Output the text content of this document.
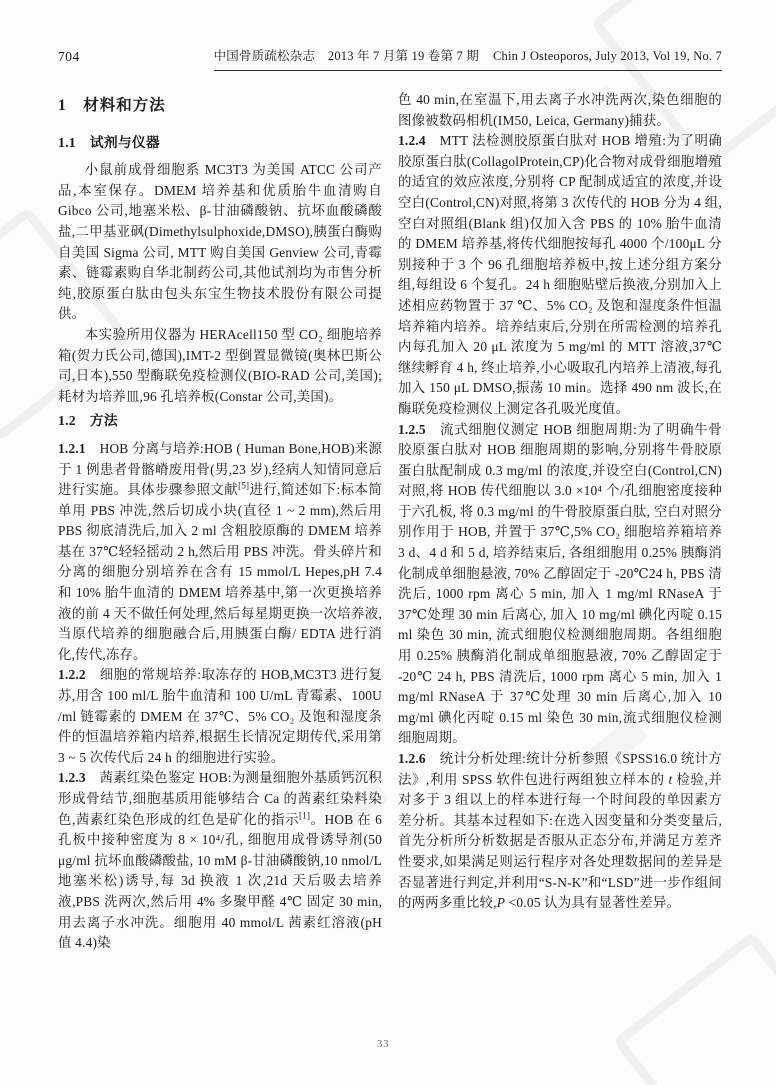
704	中国骨质疏松杂志　2013 年 7 月第 19 卷第 7 期 Chin J Osteoporos, July 2013, Vol 19, No. 7
1　材料和方法
1.1　试剂与仪器

小鼠前成骨细胞系 MC3T3 为美国 ATCC 公司产品,本室保存。DMEM 培养基和优质胎牛血清购自 Gibco 公司,地塞米松、β-甘油磷酸钠、抗坏血酸磷酸盐,二甲基亚砜(Dimethylsulphoxide,DMSO),胰蛋白酶购自美国 Sigma 公司, MTT 购自美国 Genview 公司,青霉素、链霉素购自华北制药公司,其他试剂均为市售分析纯,胶原蛋白肽由包头东宝生物技术股份有限公司提供。

本实验所用仪器为 HERAcell150 型 CO₂ 细胞培养箱(贺力氏公司,德国),IMT-2 型倒置显微镜(奥林巴斯公司,日本),550 型酶联免疫检测仪(BIO-RAD 公司,美国);耗材为培养皿,96 孔培养板(Constar 公司,美国)。

1.2　方法

1.2.1  HOB 分离与培养:HOB ( Human Bone,HOB)来源于 1 例患者骨髂嵴废用骨(男,23 岁),经病人知情同意后进行实施。具体步骤参照文献[5]进行,简述如下:标本简单用 PBS 冲洗,然后切成小块(直径 1 ~ 2 mm),然后用 PBS 彻底清洗后,加入 2 ml 含粗胶原酶的 DMEM 培养基在 37℃轻轻摇动 2 h,然后用 PBS 冲洗。骨头碎片和分离的细胞分别培养在含有 15 mmol/L Hepes,pH 7.4 和 10% 胎牛血清的 DMEM 培养基中,第一次更换培养液的前 4 天不做任何处理,然后每星期更换一次培养液,当原代培养的细胞融合后,用胰蛋白酶/ EDTA 进行消化,传代,冻存。

1.2.2  细胞的常规培养:取冻存的 HOB,MC3T3 进行复苏,用含 100 ml/L 胎牛血清和 100 U/mL 青霉素、100U /ml 链霉素的 DMEM 在 37℃、5% CO₂ 及饱和湿度条件的恒温培养箱内培养,根据生长情况定期传代,采用第 3 ~ 5 次传代后 24 h 的细胞进行实验。

1.2.3  茜素红染色鉴定 HOB:为测量细胞外基质钙沉积形成骨结节,细胞基质用能够结合 Ca 的茜素红染料染色,茜素红染色形成的红色是矿化的指示[1]。HOB 在 6 孔板中接种密度为 8 × 10⁴/孔, 细胞用成骨诱导剂(50 μg/ml 抗坏血酸磷酸盐, 10 mM β-甘油磷酸钠,10 nmol/L 地塞米松)诱导,每 3d 换液 1 次,21d 天后吸去培养液,PBS 洗两次,然后用 4% 多聚甲醛 4℃ 固定 30 min,用去离子水冲洗。细胞用 40 mmol/L 茜素红溶液(pH 值 4.4)染

色 40 min,在室温下,用去离子水冲洗两次,染色细胞的图像被数码相机(IM50, Leica, Germany)捕获。

1.2.4  MTT 法检测胶原蛋白肽对 HOB 增殖:为了明确胶原蛋白肽(CollagolProtein,CP)化合物对成骨细胞增殖的适宜的效应浓度,分别将 CP 配制成适宜的浓度,并设空白(Control,CN)对照,将第 3 次传代的 HOB 分为 4 组,空白对照组(Blank 组)仅加入含 PBS 的 10% 胎牛血清的 DMEM 培养基,将传代细胞按每孔 4000 个/100μL 分别接种于 3 个 96 孔细胞培养板中,按上述分组方案分组,每组设 6 个复孔。24 h 细胞贴壁后换液,分别加入上述相应药物置于 37 ℃、5% CO₂ 及饱和湿度条件恒温培养箱内培养。培养结束后,分别在所需检测的培养孔内每孔加入 20 μL 浓度为 5 mg/ml 的 MTT 溶液,37℃继续孵育 4 h, 终止培养,小心吸取孔内培养上清液,每孔加入 150 μL DMSO,振荡 10 min。选择 490 nm 波长,在酶联免疫检测仪上测定各孔吸光度值。

1.2.5  流式细胞仪测定 HOB 细胞周期:为了明确牛骨胶原蛋白肽对 HOB 细胞周期的影响,分别将牛骨胶原蛋白肽配制成 0.3 mg/ml 的浓度,并设空白(Control,CN)对照,将 HOB 传代细胞以 3.0 ×10⁴ 个/孔细胞密度接种于六孔板, 将 0.3 mg/ml 的牛骨胶原蛋白肽, 空白对照分别作用于 HOB, 并置于 37℃,5% CO₂ 细胞培养箱培养 3 d、4 d 和 5 d, 培养结束后, 各组细胞用 0.25% 胰酶消化制成单细胞悬液, 70% 乙醇固定于 -20℃24 h, PBS 清洗后, 1000 rpm 离心 5 min, 加入 1 mg/ml RNaseA 于 37℃处理 30 min 后离心, 加入 10 mg/ml 碘化丙啶 0.15 ml 染色 30 min, 流式细胞仪检测细胞周期。各组细胞用 0.25% 胰酶消化制成单细胞悬液, 70% 乙醇固定于 -20℃ 24 h, PBS 清洗后, 1000 rpm 离心 5 min, 加入 1 mg/ml RNaseA 于 37℃处理 30 min 后离心,加入 10 mg/ml 碘化丙啶 0.15 ml 染色 30 min,流式细胞仪检测细胞周期。

1.2.6  统计分析处理:统计分析参照《SPSS16.0 统计方法》,利用 SPSS 软件包进行两组独立样本的 t 检验,并对多于 3 组以上的样本进行每一个时间段的单因素方差分析。其基本过程如下:在选入因变量和分类变量后,首先分析所分析数据是否服从正态分布,并满足方差齐性要求,如果满足则运行程序对各处理数据间的差异是否显著进行判定,并利用“S-N-K”和“LSD”进一步作组间的两两多重比较,P <0.05 认为具有显著性差异。

33
